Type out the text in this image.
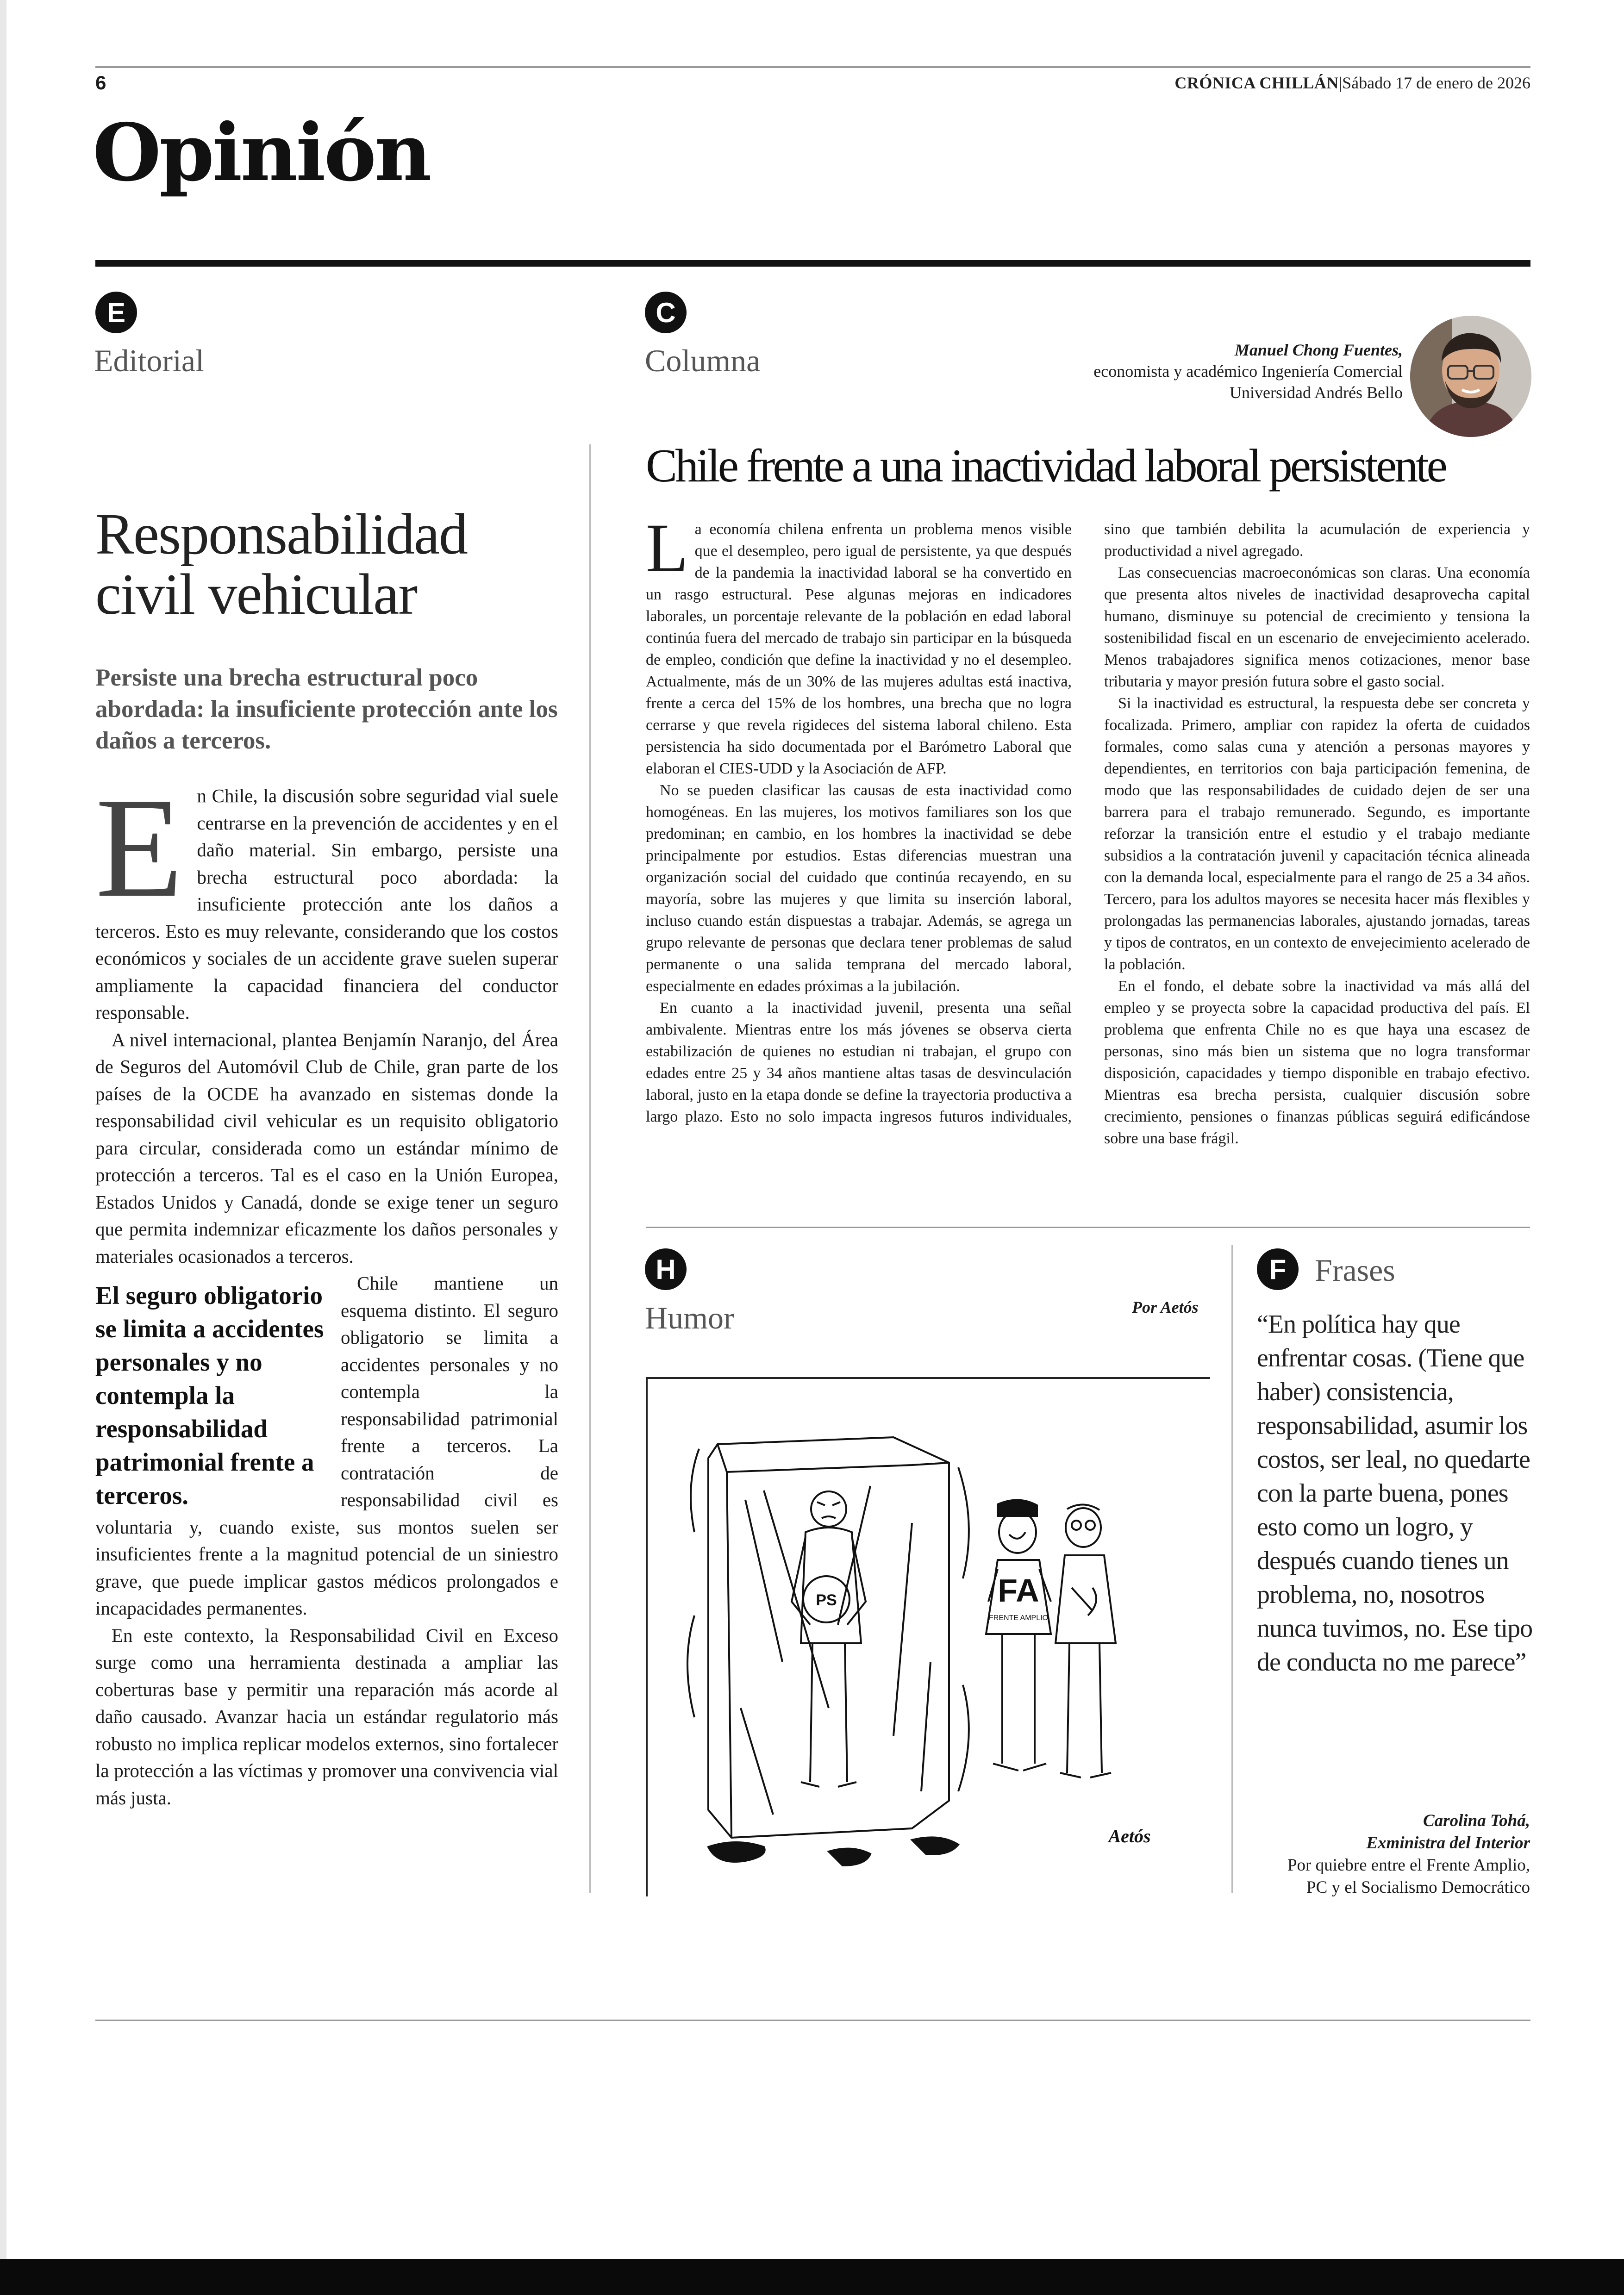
6	CRÓNICA CHILLÁN|Sábado 17 de enero de 2026
Opinión
E
Editorial
Responsabilidad civil vehicular
Persiste una brecha estructural poco abordada: la insuficiente protección ante los daños a terceros.

En Chile, la discusión sobre seguridad vial suele centrarse en la prevención de accidentes y en el daño material. Sin embargo, persiste una brecha estructural poco abordada: la insuficiente protección ante los daños a terceros. Esto es muy relevante, considerando que los costos económicos y sociales de un accidente grave suelen superar ampliamente la capacidad financiera del conductor responsable.

A nivel internacional, plantea Benjamín Naranjo, del Área de Seguros del Automóvil Club de Chile, gran parte de los países de la OCDE ha avanzado en sistemas donde la responsabilidad civil vehicular es un requisito obligatorio para circular, considerada como un estándar mínimo de protección a terceros. Tal es el caso en la Unión Europea, Estados Unidos y Canadá, donde se exige tener un seguro que permita indemnizar eficazmente los daños personales y materiales ocasionados a terceros.

El seguro obligatorio se limita a accidentes personales y no contempla la responsabilidad patrimonial frente a terceros.

Chile mantiene un esquema distinto. El seguro obligatorio se limita a accidentes personales y no contempla la responsabilidad patrimonial frente a terceros. La contratación de responsabilidad civil es voluntaria y, cuando existe, sus montos suelen ser insuficientes frente a la magnitud potencial de un siniestro grave, que puede implicar gastos médicos prolongados e incapacidades permanentes.

En este contexto, la Responsabilidad Civil en Exceso surge como una herramienta destinada a ampliar las coberturas base y permitir una reparación más acorde al daño causado. Avanzar hacia un estándar regulatorio más robusto no implica replicar modelos externos, sino fortalecer la protección a las víctimas y promover una convivencia vial más justa.

C
Columna	Manuel Chong Fuentes,
economista y académico Ingeniería Comercial
Universidad Andrés Bello
Chile frente a una inactividad laboral persistente

La economía chilena enfrenta un problema menos visible que el desempleo, pero igual de persistente, ya que después de la pandemia la inactividad laboral se ha convertido en un rasgo estructural. Pese algunas mejoras en indicadores laborales, un porcentaje relevante de la población en edad laboral continúa fuera del mercado de trabajo sin participar en la búsqueda de empleo, condición que define la inactividad y no el desempleo. Actualmente, más de un 30% de las mujeres adultas está inactiva, frente a cerca del 15% de los hombres, una brecha que no logra cerrarse y que revela rigideces del sistema laboral chileno. Esta persistencia ha sido documentada por el Barómetro Laboral que elaboran el CIES-UDD y la Asociación de AFP.

No se pueden clasificar las causas de esta inactividad como homogéneas. En las mujeres, los motivos familiares son los que predominan; en cambio, en los hombres la inactividad se debe principalmente por estudios. Estas diferencias muestran una organización social del cuidado que continúa recayendo, en su mayoría, sobre las mujeres y que limita su inserción laboral, incluso cuando están dispuestas a trabajar. Además, se agrega un grupo relevante de personas que declara tener problemas de salud permanente o una salida temprana del mercado laboral, especialmente en edades próximas a la jubilación.

En cuanto a la inactividad juvenil, presenta una señal ambivalente. Mientras entre los más jóvenes se observa cierta estabilización de quienes no estudian ni trabajan, el grupo con edades entre 25 y 34 años mantiene altas tasas de desvinculación laboral, justo en la etapa donde se define la trayectoria productiva a largo plazo. Esto no solo impacta ingresos futuros individuales, sino que también debilita la acumulación de experiencia y productividad a nivel agregado.

Las consecuencias macroeconómicas son claras. Una economía que presenta altos niveles de inactividad desaprovecha capital humano, disminuye su potencial de crecimiento y tensiona la sostenibilidad fiscal en un escenario de envejecimiento acelerado. Menos trabajadores significa menos cotizaciones, menor base tributaria y mayor presión futura sobre el gasto social.

Si la inactividad es estructural, la respuesta debe ser concreta y focalizada. Primero, ampliar con rapidez la oferta de cuidados formales, como salas cuna y atención a personas mayores y dependientes, en territorios con baja participación femenina, de modo que las responsabilidades de cuidado dejen de ser una barrera para el trabajo remunerado. Segundo, es importante reforzar la transición entre el estudio y el trabajo mediante subsidios a la contratación juvenil y capacitación técnica alineada con la demanda local, especialmente para el rango de 25 a 34 años. Tercero, para los adultos mayores se necesita hacer más flexibles y prolongadas las permanencias laborales, ajustando jornadas, tareas y tipos de contratos, en un contexto de envejecimiento acelerado de la población.

En el fondo, el debate sobre la inactividad va más allá del empleo y se proyecta sobre la capacidad productiva del país. El problema que enfrenta Chile no es que haya una escasez de personas, sino más bien un sistema que no logra transformar disposición, capacidades y tiempo disponible en trabajo efectivo. Mientras esa brecha persista, cualquier discusión sobre crecimiento, pensiones o finanzas públicas seguirá edificándose sobre una base frágil.

H
Humor	Por Aetós
PS	FA
FRENTE AMPLIO
Aetós
F Frases
“En política hay que enfrentar cosas. (Tiene que haber) consistencia, responsabilidad, asumir los costos, ser leal, no quedarte con la parte buena, pones esto como un logro, y después cuando tienes un problema, no, nosotros nunca tuvimos, no. Ese tipo de conducta no me parece”
Carolina Tohá,
Exministra del Interior
Por quiebre entre el Frente Amplio,
PC y el Socialismo Democrático
